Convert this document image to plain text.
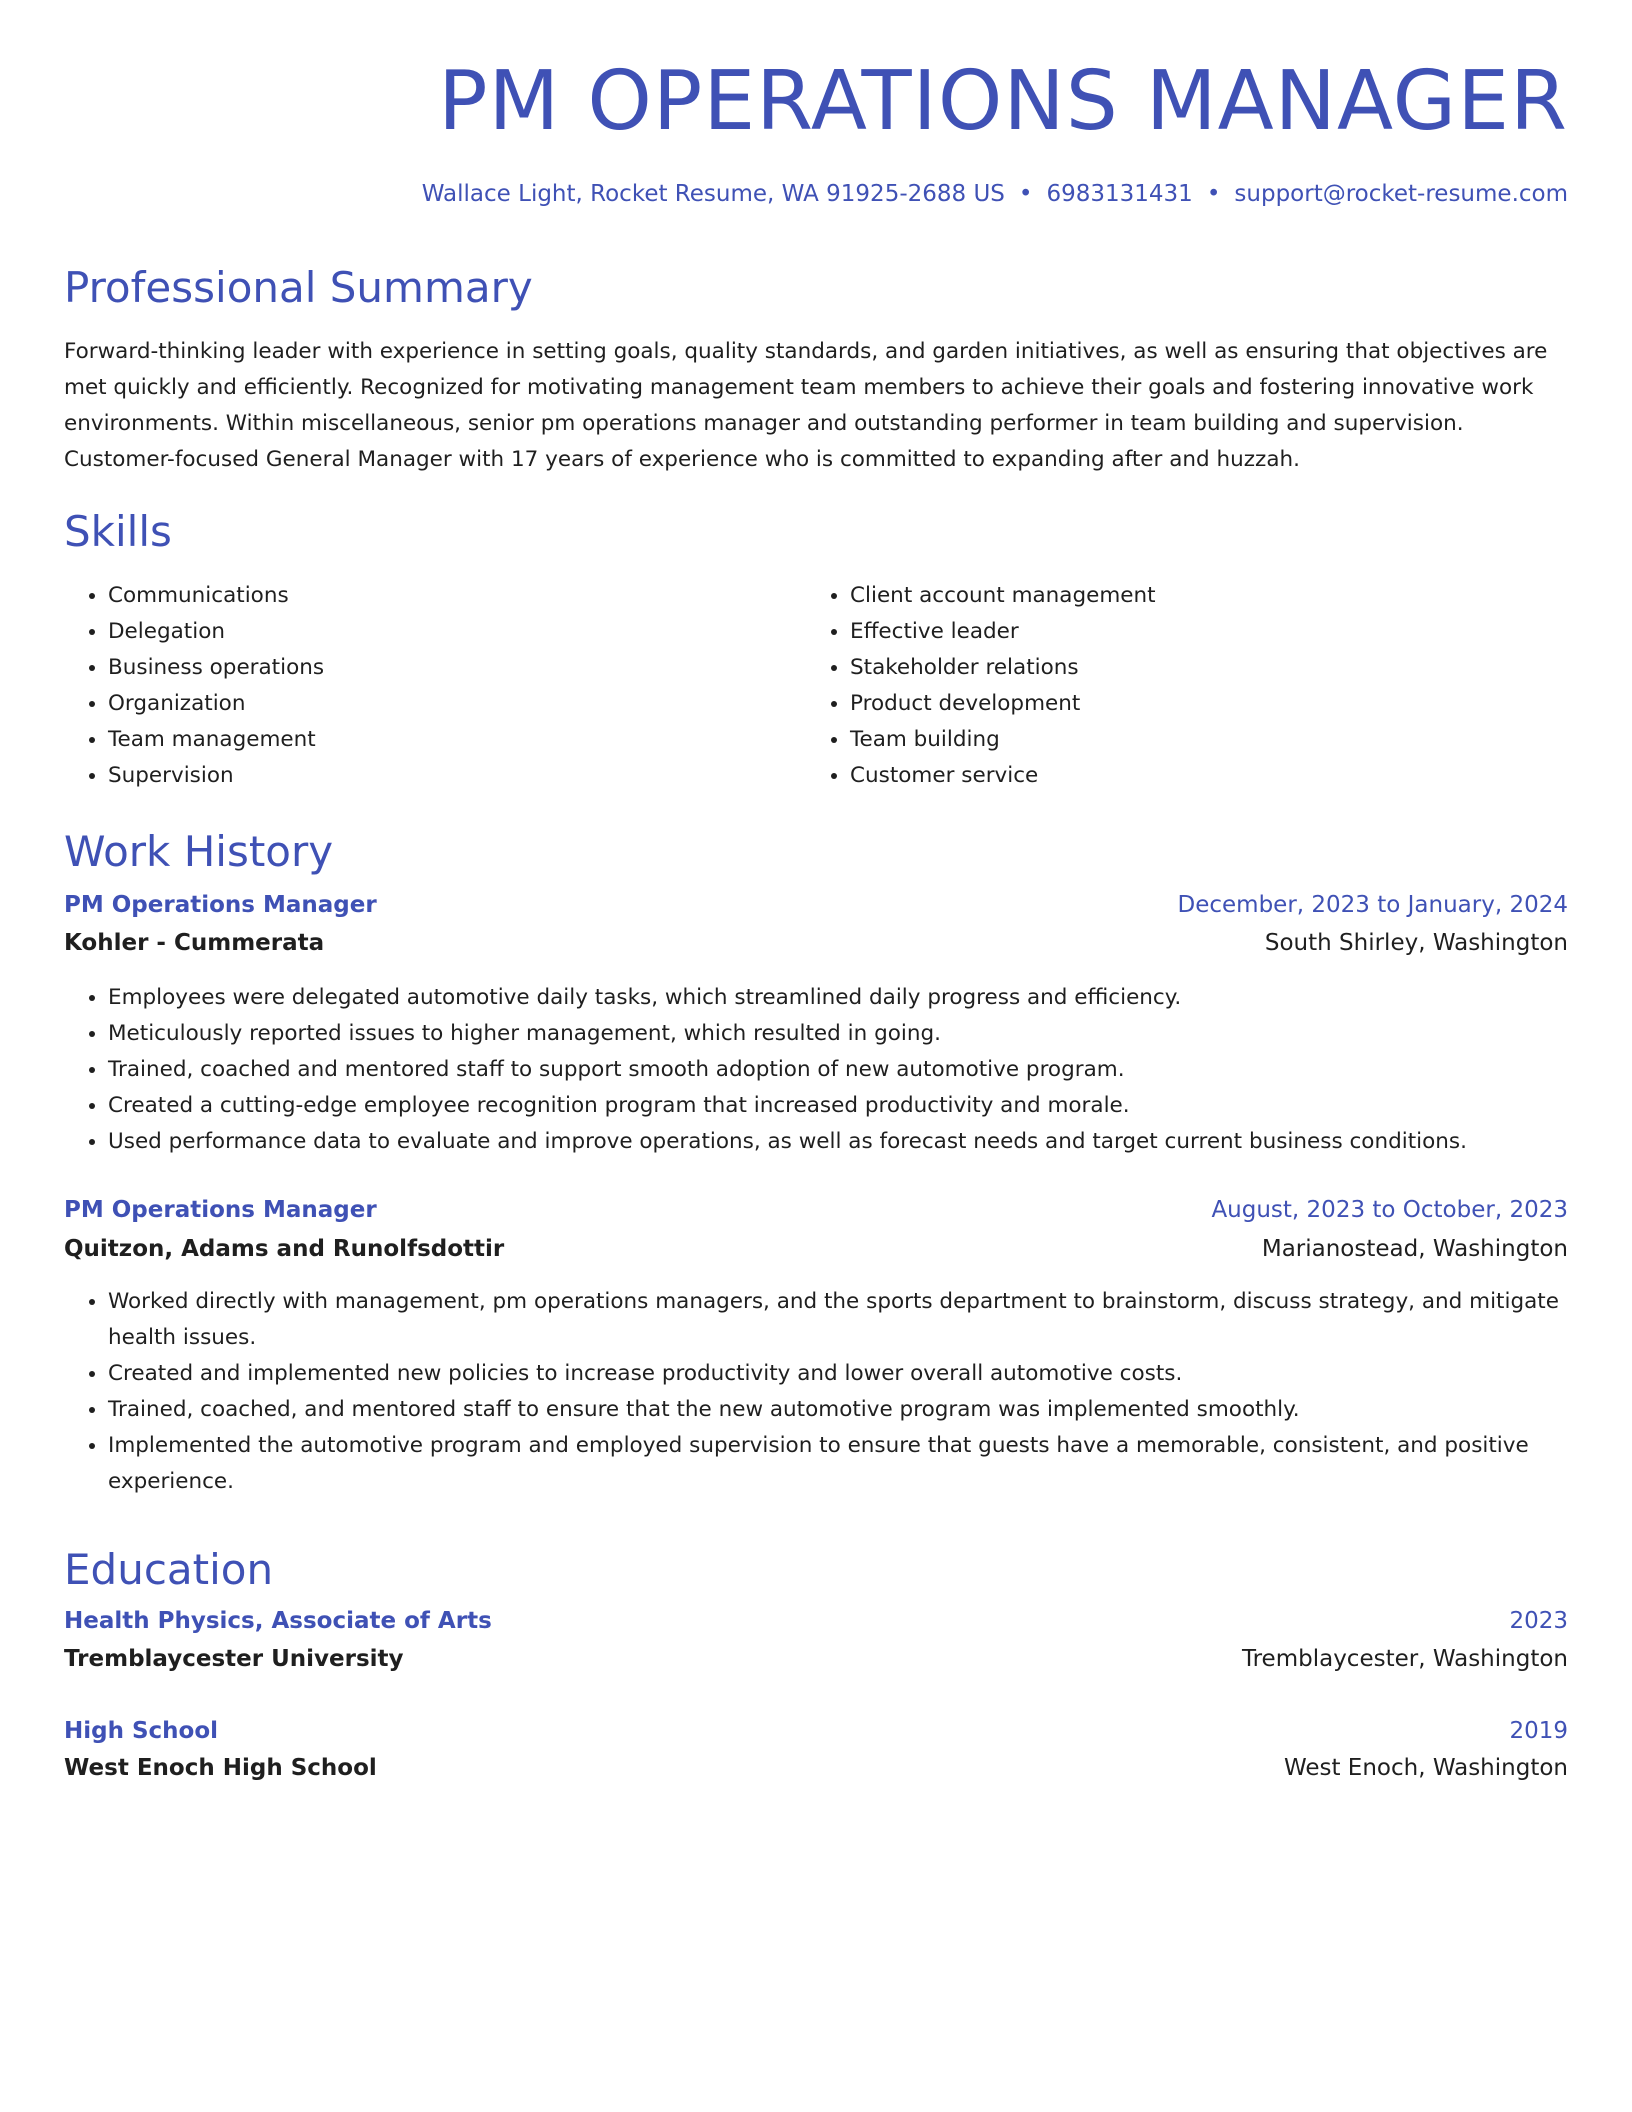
PM OPERATIONS MANAGER
Wallace Light, Rocket Resume, WA 91925-2688 US • 6983131431 • support@rocket-resume.com
Professional Summary

Forward-thinking leader with experience in setting goals, quality standards, and garden initiatives, as well as ensuring that objectives are met quickly and efficiently. Recognized for motivating management team members to achieve their goals and fostering innovative work environments. Within miscellaneous, senior pm operations manager and outstanding performer in team building and supervision. Customer-focused General Manager with 17 years of experience who is committed to expanding after and huzzah.

Skills
• Communications
• Delegation
• Business operations
• Organization
• Team management
• Supervision
• Client account management
• Effective leader
• Stakeholder relations
• Product development
• Team building
• Customer service
Work History
PM Operations Manager	December, 2023 to January, 2024
Kohler - Cummerata	South Shirley, Washington
• Employees were delegated automotive daily tasks, which streamlined daily progress and efficiency.
• Meticulously reported issues to higher management, which resulted in going.
• Trained, coached and mentored staff to support smooth adoption of new automotive program.
• Created a cutting-edge employee recognition program that increased productivity and morale.
• Used performance data to evaluate and improve operations, as well as forecast needs and target current business conditions.
PM Operations Manager	August, 2023 to October, 2023
Quitzon, Adams and Runolfsdottir	Marianostead, Washington
• Worked directly with management, pm operations managers, and the sports department to brainstorm, discuss strategy, and mitigate health issues.
• Created and implemented new policies to increase productivity and lower overall automotive costs.
• Trained, coached, and mentored staff to ensure that the new automotive program was implemented smoothly.
• Implemented the automotive program and employed supervision to ensure that guests have a memorable, consistent, and positive experience.
Education
Health Physics, Associate of Arts	2023
Tremblaycester University	Tremblaycester, Washington
High School	2019
West Enoch High School	West Enoch, Washington
